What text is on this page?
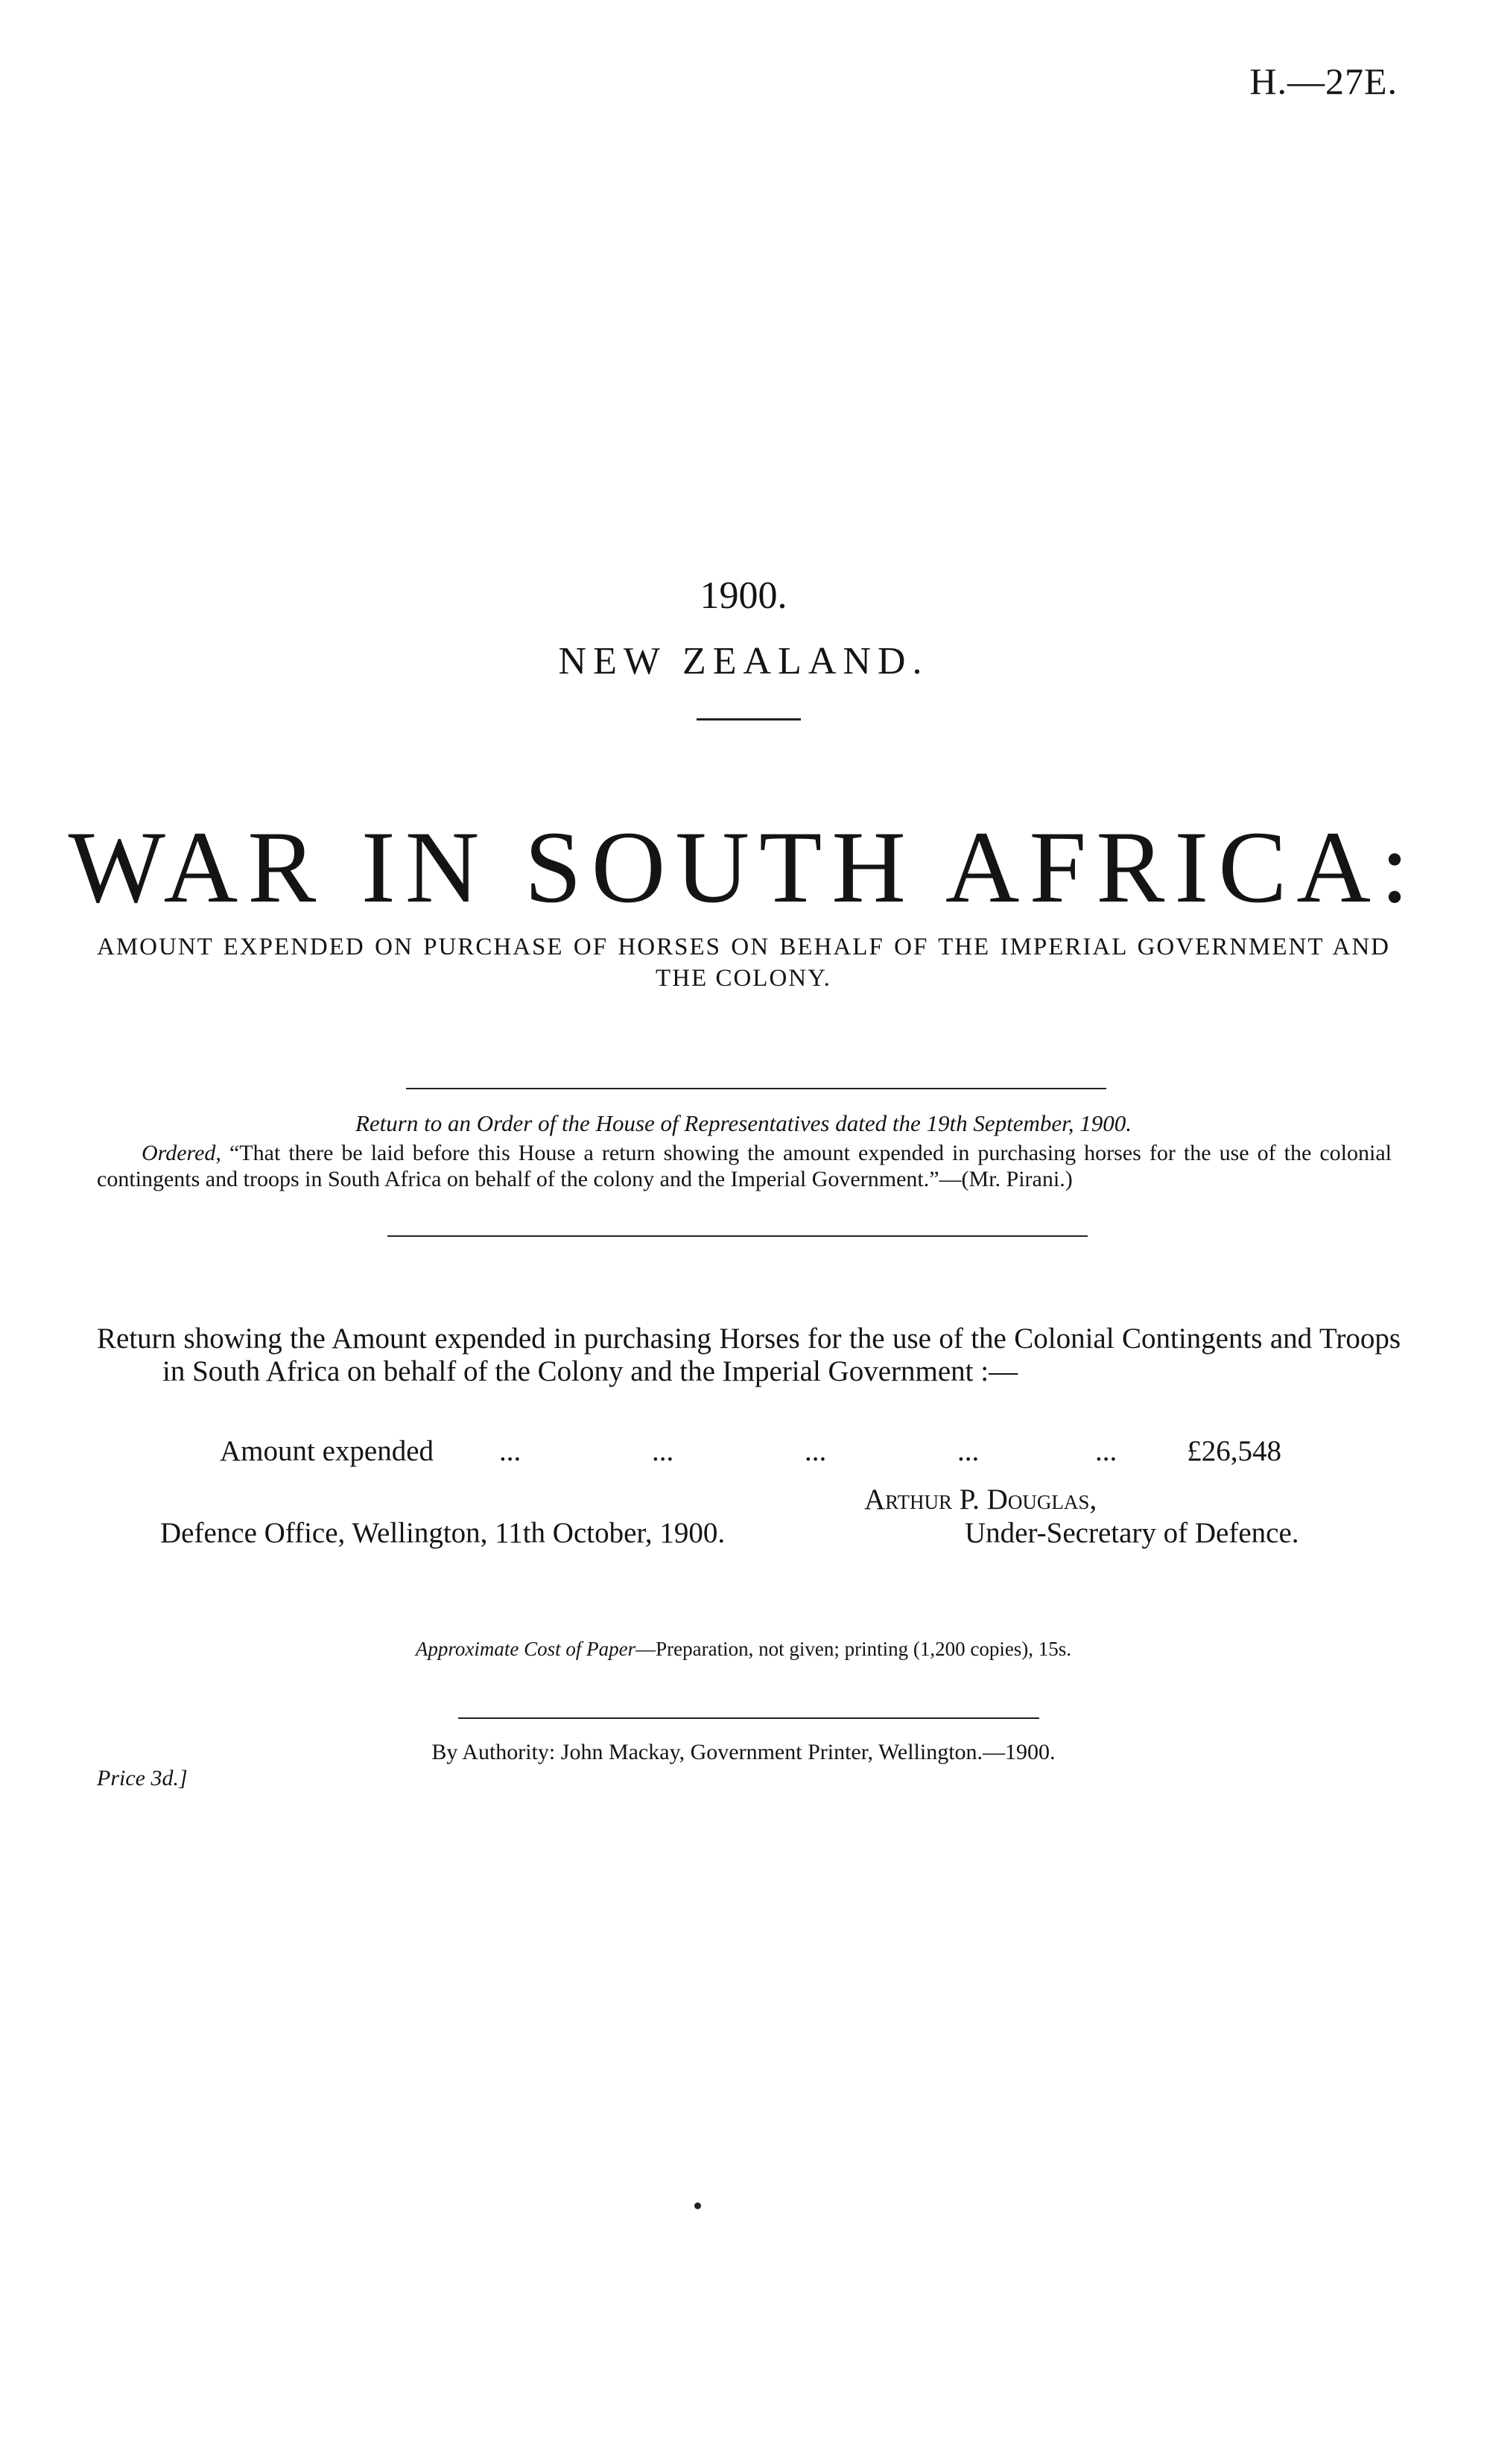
H.—27E.
1900.
NEW ZEALAND.
WAR IN SOUTH AFRICA:
AMOUNT EXPENDED ON PURCHASE OF HORSES ON BEHALF OF THE IMPERIAL GOVERNMENT AND THE COLONY.
Return to an Order of the House of Representatives dated the 19th September, 1900.
Ordered, “That there be laid before this House a return showing the amount expended in purchasing horses for the use of the colonial contingents and troops in South Africa on behalf of the colony and the Imperial Government.”—(Mr. Pirani.)
Return showing the Amount expended in purchasing Horses for the use of the Colonial Contingents and Troops in South Africa on behalf of the Colony and the Imperial Government :—
Amount expended ...	...	...	...	... £26,548
Arthur P. Douglas,
Defence Office, Wellington, 11th October, 1900.	Under-Secretary of Defence.
Approximate Cost of Paper—Preparation, not given; printing (1,200 copies), 15s.
By Authority: John Mackay, Government Printer, Wellington.—1900.
Price 3d.]
